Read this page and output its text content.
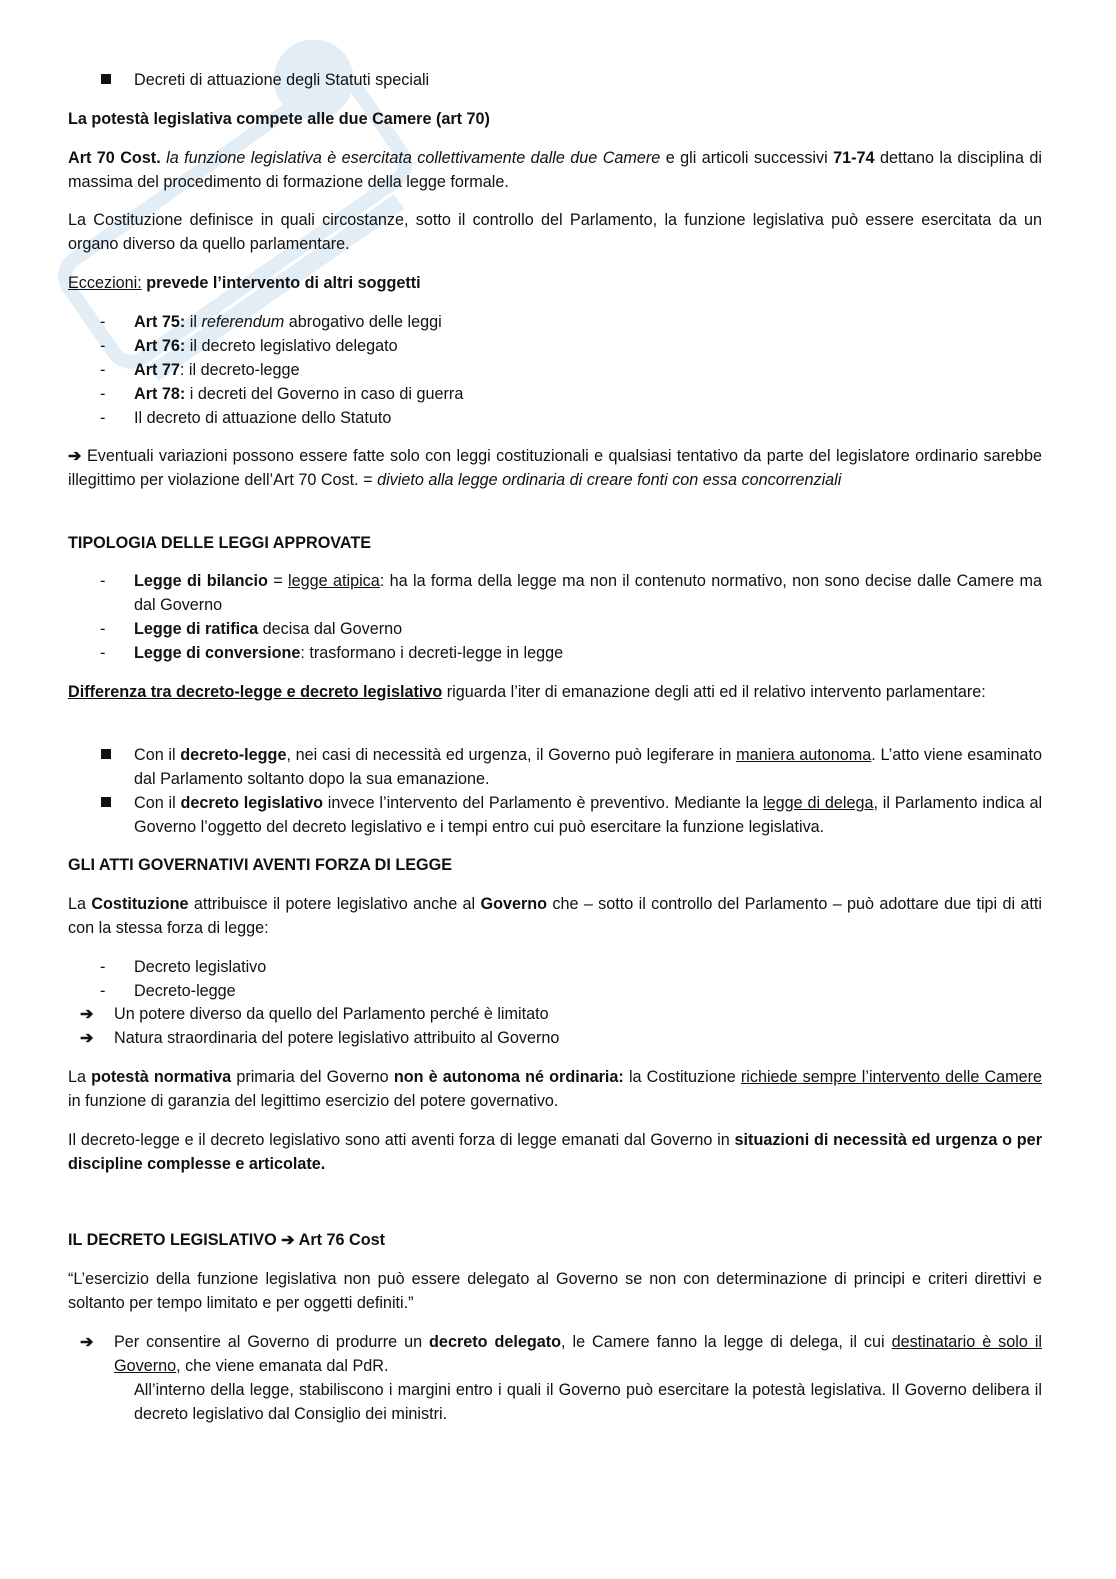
Decreti di attuazione degli Statuti speciali

La potestà legislativa compete alle due Camere (art 70)

Art 70 Cost. la funzione legislativa è esercitata collettivamente dalle due Camere e gli articoli successivi 71-74 dettano la disciplina di massima del procedimento di formazione della legge formale.

La Costituzione definisce in quali circostanze, sotto il controllo del Parlamento, la funzione legislativa può essere esercitata da un organo diverso da quello parlamentare.

Eccezioni: prevede l’intervento di altri soggetti

- Art 75: il referendum abrogativo delle leggi

- Art 76: il decreto legislativo delegato

- Art 77: il decreto-legge

- Art 78: i decreti del Governo in caso di guerra

- Il decreto di attuazione dello Statuto

➔ Eventuali variazioni possono essere fatte solo con leggi costituzionali e qualsiasi tentativo da parte del legislatore ordinario sarebbe illegittimo per violazione dell’Art 70 Cost. = divieto alla legge ordinaria di creare fonti con essa concorrenziali

TIPOLOGIA DELLE LEGGI APPROVATE

- Legge di bilancio = legge atipica: ha la forma della legge ma non il contenuto normativo, non sono decise dalle Camere ma dal Governo

- Legge di ratifica decisa dal Governo

- Legge di conversione: trasformano i decreti-legge in legge

Differenza tra decreto-legge e decreto legislativo riguarda l’iter di emanazione degli atti ed il relativo intervento parlamentare:

Con il decreto-legge, nei casi di necessità ed urgenza, il Governo può legiferare in maniera autonoma. L’atto viene esaminato dal Parlamento soltanto dopo la sua emanazione.

Con il decreto legislativo invece l’intervento del Parlamento è preventivo. Mediante la legge di delega, il Parlamento indica al Governo l’oggetto del decreto legislativo e i tempi entro cui può esercitare la funzione legislativa.

GLI ATTI GOVERNATIVI AVENTI FORZA DI LEGGE

La Costituzione attribuisce il potere legislativo anche al Governo che – sotto il controllo del Parlamento – può adottare due tipi di atti con la stessa forza di legge:

- Decreto legislativo

- Decreto-legge

➔ Un potere diverso da quello del Parlamento perché è limitato

➔ Natura straordinaria del potere legislativo attribuito al Governo

La potestà normativa primaria del Governo non è autonoma né ordinaria: la Costituzione richiede sempre l’intervento delle Camere in funzione di garanzia del legittimo esercizio del potere governativo.

Il decreto-legge e il decreto legislativo sono atti aventi forza di legge emanati dal Governo in situazioni di necessità ed urgenza o per discipline complesse e articolate.

IL DECRETO LEGISLATIVO ➔ Art 76 Cost

“L’esercizio della funzione legislativa non può essere delegato al Governo se non con determinazione di principi e criteri direttivi e soltanto per tempo limitato e per oggetti definiti.”

➔ Per consentire al Governo di produrre un decreto delegato, le Camere fanno la legge di delega, il cui destinatario è solo il Governo, che viene emanata dal PdR.

All’interno della legge, stabiliscono i margini entro i quali il Governo può esercitare la potestà legislativa. Il Governo delibera il decreto legislativo dal Consiglio dei ministri.
